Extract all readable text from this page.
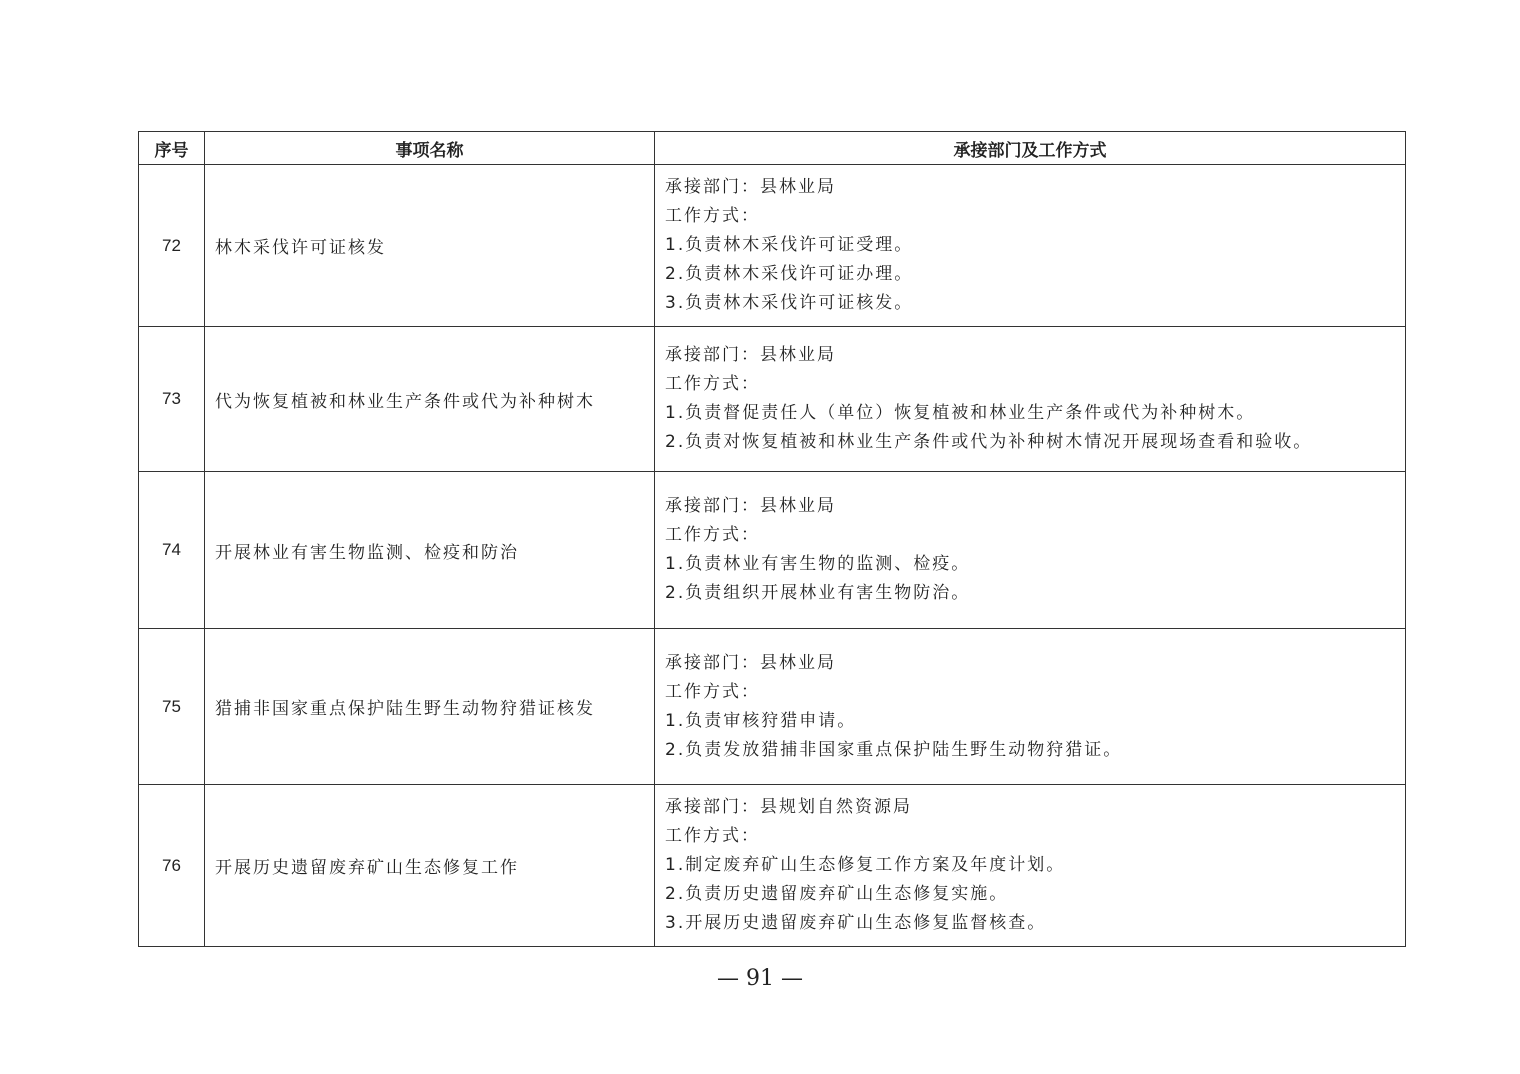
序号	事项名称	承接部门及工作方式
72	林木采伐许可证核发	承接部门：县林业局
工作方式：
1.负责林木采伐许可证受理。
2.负责林木采伐许可证办理。
3.负责林木采伐许可证核发。

73	代为恢复植被和林业生产条件或代为补种树木	承接部门：县林业局
工作方式：
1.负责督促责任人（单位）恢复植被和林业生产条件或代为补种树木。
2.负责对恢复植被和林业生产条件或代为补种树木情况开展现场查看和验收。

74	开展林业有害生物监测、检疫和防治	承接部门：县林业局
工作方式：
1.负责林业有害生物的监测、检疫。
2.负责组织开展林业有害生物防治。

75	猎捕非国家重点保护陆生野生动物狩猎证核发	承接部门：县林业局
工作方式：
1.负责审核狩猎申请。
2.负责发放猎捕非国家重点保护陆生野生动物狩猎证。

76	开展历史遗留废弃矿山生态修复工作	承接部门：县规划自然资源局
工作方式：
1.制定废弃矿山生态修复工作方案及年度计划。
2.负责历史遗留废弃矿山生态修复实施。
3.开展历史遗留废弃矿山生态修复监督核查。
— 91 —
